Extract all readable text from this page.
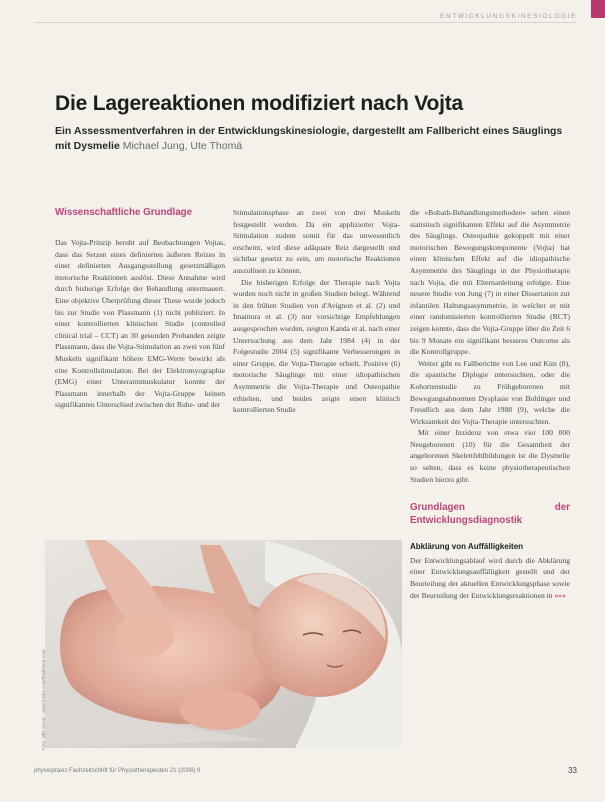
ENTWICKLUNGSKINESIOLOGIE
Die Lagereaktionen modifiziert nach Vojta
Ein Assessmentverfahren in der Entwicklungskinesiologie, dargestellt am Fallbericht eines Säuglings mit Dysmelie Michael Jung, Ute Thomä
Wissenschaftliche Grundlage

Das Vojta-Prinzip beruht auf Beobachtungen Vojtas, dass das Setzen eines definierten äußeren Reizes in einer definierten Ausgangsstellung gesetzmäßigen motorische Reaktionen auslöst. Diese Annahme wird durch bisherige Erfolge der Behandlung untermauert. Eine objektive Überprüfung dieser These wurde jedoch bis zur Studie von Plassmann (1) nicht publiziert. In einer kontrollierten klinischen Studie (controlled clinical trial – CCT) an 30 gesunden Probanden zeigte Plassmann, dass die Vojta-Stimulation an zwei von fünf Muskeln signifikant höhere EMG-Werte bewirkt als eine Kontrollstimulation. Bei der Elektromyographie (EMG) einer Unterarmmuskulatur konnte der Plassmann innerhalb der Vojta-Gruppe keinen signifikanten Unterschied zwischen der Ruhe- und der

Stimulationsphase an zwei von drei Muskeln festgestellt werden. Da ein applizierter Vojta-Stimulation zudem somit für das unwesentlich erscheint, wird diese adäquate Reiz dargestellt und sichtbar gesetzt zu sein, um motorische Reaktionen auszulösen zu können.

Die bisherigen Erfolge der Therapie nach Vojta wurden noch nicht in großen Studien belegt. Während in den frühen Studien von d'Avignon et al. (2) und Imamura et al. (3) nur vorsichtige Empfehlungen ausgesprochen wurden, zeigten Kanda et al. nach einer Untersuchung aus dem Jahr 1984 (4) in der Folgestudie 2004 (5) signifikante Verbesserungen in einer Gruppe, die Vojta-Therapie erhielt. Positive (6) motorische Säuglinge mit einer idiopathischen Asymmetrie die Vojta-Therapie und Osteopathie erhielten, und beides zeigte einen klinisch kontrollierten Studie

die »Bobath-Behandlungsmethoden« sehen einen statistisch signifikanten Effekt auf die Asymmetrie des Säuglings. Osteopathie gekoppelt mit einer motorischen Bewegungskomponente (Vojta) hat einen klinischen Effekt auf die idiopathische Asymmetrie des Säuglings in der Physiotherapie nach Vojta, die mit Elternanleitung erfolgte. Eine neuere Studie von Jung (7) in einer Dissertation zur infantilen Haltungsasymmetrie, in welcher er mit einer randomisierten kontrollierten Studie (RCT) zeigen konnte, dass die Vojta-Gruppe über die Zeit 6 bis 9 Monate ein signifikant besseres Outcome als die Kontrollgruppe.

Weiter gibt es Fallberichte von Lee und Kim (8), die spastische Diplegie untersuchten, oder die Kohortenstudie zu Frühgeborenen mit Bewegungsabnormen Dysplasie von Bohlinger und Freudlich aus dem Jahr 1988 (9), welche die Wirksamkeit der Vojta-Therapie untersuchten.

Mit einer Inzidenz von etwa vier 100 000 Neugeborenen (10) für die Gesamtheit der angeborenen Skelettfehlbildungen ist die Dysmelie so selten, dass es keine physiotherapeutischen Studien hierzu gibt.

Grundlagen der Entwicklungsdiagnostik
Abklärung von Auffälligkeiten

Der Entwicklungsablauf wird durch die Abklärung einer Entwicklungsauffälligkeit gestellt und der Beurteilung der aktuellen Entwicklungsphase sowie der Beurteilung der Entwicklungsreaktionen in »»»

Foto: Miki Stosic · www.fotolia.com/thinkstock.com
physiopraxis Fachzeitschrift für Physiotherapeuten 21 (2006) 6	33
